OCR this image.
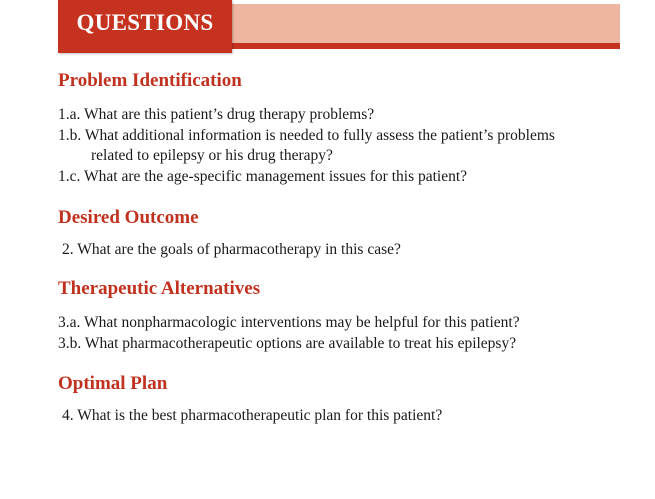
QUESTIONS
Problem Identification

1.a. What are this patient’s drug therapy problems?

1.b. What additional information is needed to fully assess the patient’s problems
related to epilepsy or his drug therapy?

1.c. What are the age-specific management issues for this patient?

Desired Outcome

2. What are the goals of pharmacotherapy in this case?

Therapeutic Alternatives

3.a. What nonpharmacologic interventions may be helpful for this patient?

3.b. What pharmacotherapeutic options are available to treat his epilepsy?

Optimal Plan

4. What is the best pharmacotherapeutic plan for this patient?
